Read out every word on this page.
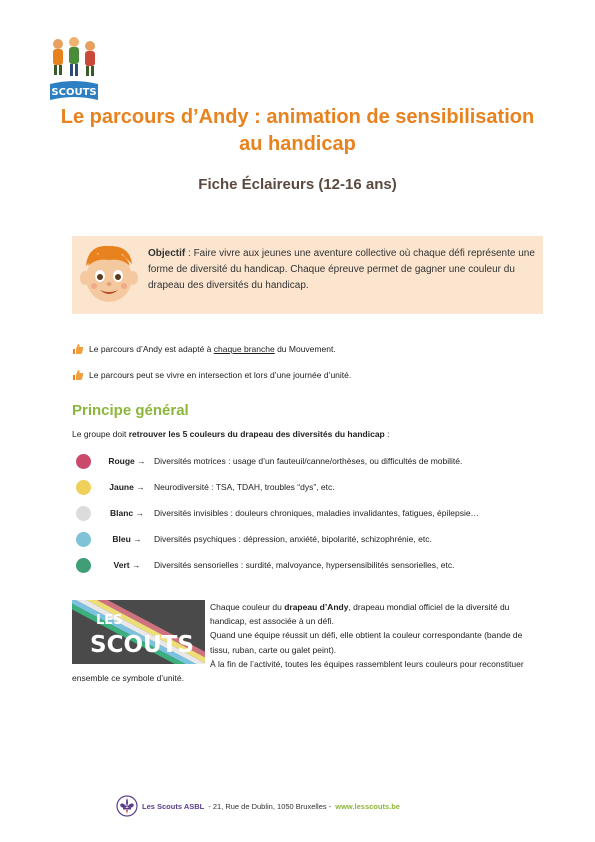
SCOUTS
Le parcours d’Andy : animation de sensibilisation au handicap
Fiche Éclaireurs (12-16 ans)
Objectif : Faire vivre aux jeunes une aventure collective où chaque défi représente une forme de diversité du handicap. Chaque épreuve permet de gagner une couleur du drapeau des diversités du handicap.
Le parcours d’Andy est adapté à chaque branche du Mouvement.
Le parcours peut se vivre en intersection et lors d’une journée d’unité.
Principe général
Le groupe doit retrouver les 5 couleurs du drapeau des diversités du handicap :
Rouge → Diversités motrices : usage d’un fauteuil/canne/orthèses, ou difficultés de mobilité.
Jaune →	Neurodiversité : TSA, TDAH, troubles “dys”, etc.
Blanc →	Diversités invisibles : douleurs chroniques, maladies invalidantes, fatigues, épilepsie…
Bleu →	Diversités psychiques : dépression, anxiété, bipolarité, schizophrénie, etc.
Vert →	Diversités sensorielles : surdité, malvoyance, hypersensibilités sensorielles, etc.
LES
SCOUTS
Chaque couleur du drapeau d’Andy, drapeau mondial officiel de la diversité du handicap, est associée à un défi.
Quand une équipe réussit un défi, elle obtient la couleur correspondante (bande de tissu, ruban, carte ou galet peint).
À la fin de l’activité, toutes les équipes rassemblent leurs couleurs pour reconstituer ensemble ce symbole d’unité.
Les Scouts ASBL - 21, Rue de Dublin, 1050 Bruxelles - www.lesscouts.be
